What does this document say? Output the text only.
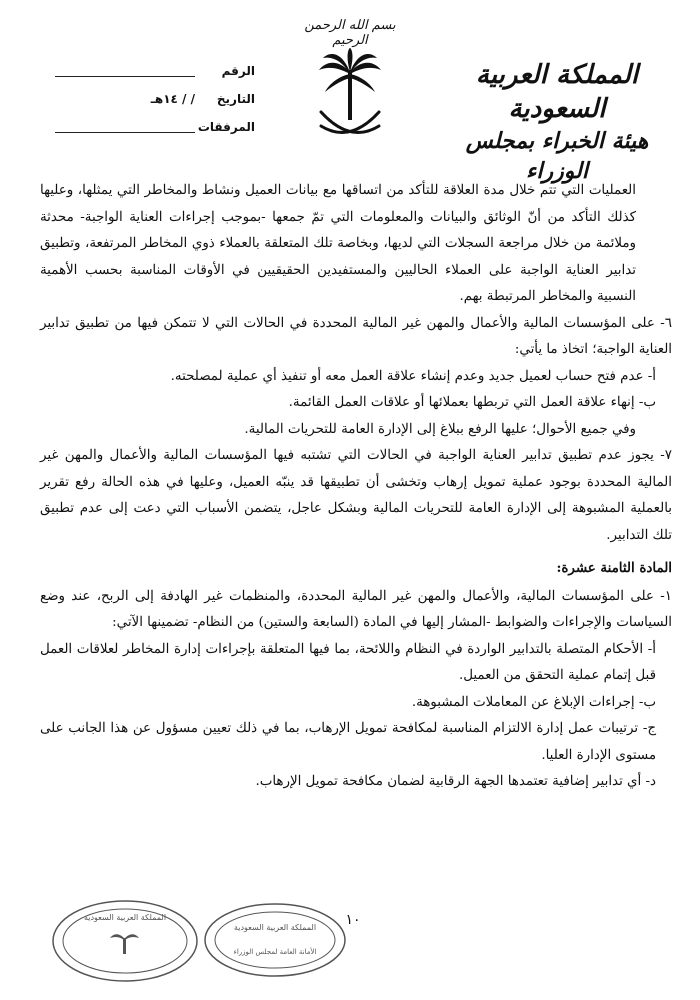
بسم الله الرحمن الرحيم
المملكة العربية السعودية
هيئة الخبراء بمجلس الوزراء
الرقم
التاريخ
/ / ١٤هـ
المرفقات

العمليات التي تتم خلال مدة العلاقة للتأكد من اتساقها مع بيانات العميل ونشاط والمخاطر التي يمثلها، وعليها كذلك التأكد من أنّ الوثائق والبيانات والمعلومات التي تمّ جمعها -بموجب إجراءات العناية الواجبة- محدثة وملائمة من خلال مراجعة السجلات التي لديها، وبخاصة تلك المتعلقة بالعملاء ذوي المخاطر المرتفعة، وتطبيق تدابير العناية الواجبة على العملاء الحاليين والمستفيدين الحقيقيين في الأوقات المناسبة بحسب الأهمية النسبية والمخاطر المرتبطة بهم.

٦- على المؤسسات المالية والأعمال والمهن غير المالية المحددة في الحالات التي لا تتمكن فيها من تطبيق تدابير العناية الواجبة؛ اتخاذ ما يأتي:

أ- عدم فتح حساب لعميل جديد وعدم إنشاء علاقة العمل معه أو تنفيذ أي عملية لمصلحته.

ب- إنهاء علاقة العمل التي تربطها بعملائها أو علاقات العمل القائمة.

وفي جميع الأحوال؛ عليها الرفع ببلاغ إلى الإدارة العامة للتحريات المالية.

٧- يجوز عدم تطبيق تدابير العناية الواجبة في الحالات التي تشتبه فيها المؤسسات المالية والأعمال والمهن غير المالية المحددة بوجود عملية تمويل إرهاب وتخشى أن تطبيقها قد ينبّه العميل، وعليها في هذه الحالة رفع تقرير بالعملية المشبوهة إلى الإدارة العامة للتحريات المالية وبشكل عاجل، يتضمن الأسباب التي دعت إلى عدم تطبيق تلك التدابير.

المادة الثامنة عشرة:

١- على المؤسسات المالية، والأعمال والمهن غير المالية المحددة، والمنظمات غير الهادفة إلى الربح، عند وضع السياسات والإجراءات والضوابط -المشار إليها في المادة (السابعة والستين) من النظام- تضمينها الآتي:

أ- الأحكام المتصلة بالتدابير الواردة في النظام واللائحة، بما فيها المتعلقة بإجراءات إدارة المخاطر لعلاقات العمل قبل إتمام عملية التحقق من العميل.

ب- إجراءات الإبلاغ عن المعاملات المشبوهة.

ج- ترتيبات عمل إدارة الالتزام المناسبة لمكافحة تمويل الإرهاب، بما في ذلك تعيين مسؤول عن هذا الجانب على مستوى الإدارة العليا.

د- أي تدابير إضافية تعتمدها الجهة الرقابية لضمان مكافحة تمويل الإرهاب.

١٠
المملكة العربية السعودية
المملكة العربية السعودية
الأمانة العامة لمجلس الوزراء
